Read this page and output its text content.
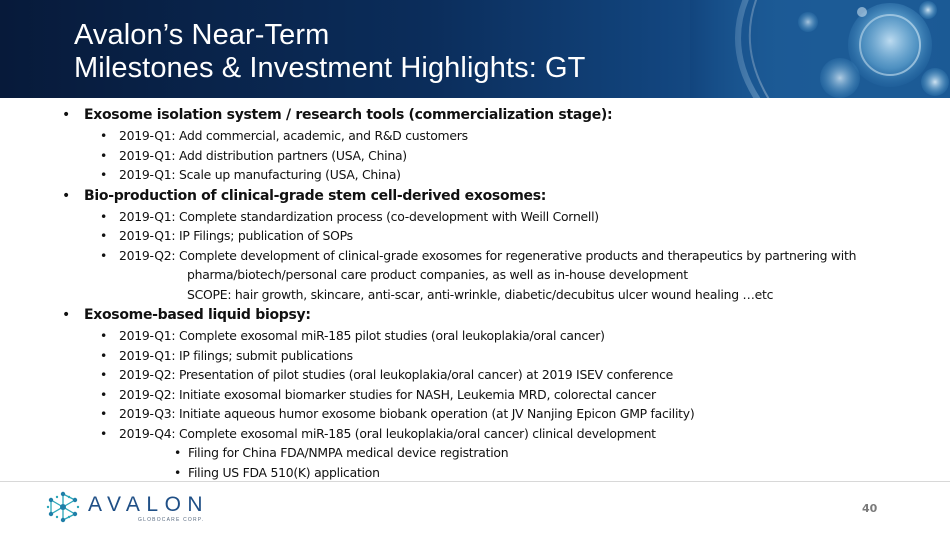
Avalon’s Near-Term
Milestones & Investment Highlights: GT
• Exosome isolation system / research tools (commercialization stage):
• 2019-Q1: Add commercial, academic, and R&D customers
• 2019-Q1: Add distribution partners (USA, China)
• 2019-Q1: Scale up manufacturing (USA, China)
• Bio-production of clinical-grade stem cell-derived exosomes:
• 2019-Q1: Complete standardization process (co-development with Weill Cornell)
• 2019-Q1: IP Filings; publication of SOPs
• 2019-Q2: Complete development of clinical-grade exosomes for regenerative products and therapeutics by partnering with
pharma/biotech/personal care product companies, as well as in-house development
SCOPE: hair growth, skincare, anti-scar, anti-wrinkle, diabetic/decubitus ulcer wound healing …etc
• Exosome-based liquid biopsy:
• 2019-Q1: Complete exosomal miR-185 pilot studies (oral leukoplakia/oral cancer)
• 2019-Q1: IP filings; submit publications
• 2019-Q2: Presentation of pilot studies (oral leukoplakia/oral cancer) at 2019 ISEV conference
• 2019-Q2: Initiate exosomal biomarker studies for NASH, Leukemia MRD, colorectal cancer
• 2019-Q3: Initiate aqueous humor exosome biobank operation (at JV Nanjing Epicon GMP facility)
• 2019-Q4: Complete exosomal miR-185 (oral leukoplakia/oral cancer) clinical development
• Filing for China FDA/NMPA medical device registration
• Filing US FDA 510(K) application
AVALON
GLOBOCARE CORP.
40
